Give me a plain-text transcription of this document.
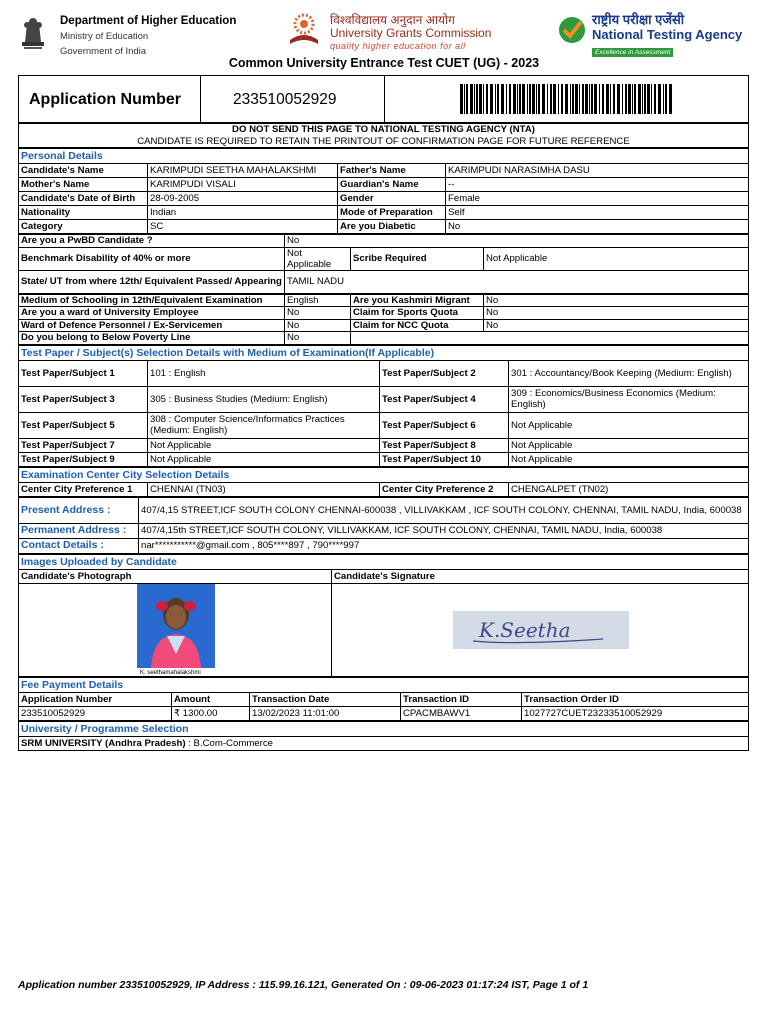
Department of Higher Education
Ministry of Education
Government of India
विश्वविद्यालय अनुदान आयोग
University Grants Commission
quality higher education for all
राष्ट्रीय परीक्षा एजेंसी
National Testing Agency
Excellence in Assessment
Common University Entrance Test CUET (UG) - 2023
Application Number	233510052929	
DO NOT SEND THIS PAGE TO NATIONAL TESTING AGENCY (NTA)
CANDIDATE IS REQUIRED TO RETAIN THE PRINTOUT OF CONFIRMATION PAGE FOR FUTURE REFERENCE
Personal Details
Candidate's Name	KARIMPUDI SEETHA MAHALAKSHMI	Father's Name	KARIMPUDI NARASIMHA DASU
Mother's Name	KARIMPUDI VISALI	Guardian's Name	--
Candidate's Date of Birth	28-09-2005	Gender	Female
Nationality	Indian	Mode of Preparation	Self
Category	SC	Are you Diabetic	No
Are you a PwBD Candidate ?	No		
Benchmark Disability of 40% or more	Not Applicable	Scribe Required	Not Applicable
State/ UT from where 12th/ Equivalent Passed/ Appearing	TAMIL NADU		
Medium of Schooling in 12th/Equivalent Examination	English	Are you Kashmiri Migrant	No
Are you a ward of University Employee	No	Claim for Sports Quota	No
Ward of Defence Personnel / Ex-Servicemen	No	Claim for NCC Quota	No
Do you belong to Below Poverty Line	No		
Test Paper / Subject(s) Selection Details with Medium of Examination(If Applicable)
Test Paper/Subject 1	101 : English	Test Paper/Subject 2	301 : Accountancy/Book Keeping (Medium: English)
Test Paper/Subject 3	305 : Business Studies (Medium: English)	Test Paper/Subject 4	309 : Economics/Business Economics (Medium: English)
Test Paper/Subject 5	308 : Computer Science/Informatics Practices (Medium: English)	Test Paper/Subject 6	Not Applicable
Test Paper/Subject 7	Not Applicable	Test Paper/Subject 8	Not Applicable
Test Paper/Subject 9	Not Applicable	Test Paper/Subject 10	Not Applicable
Examination Center City Selection Details
Center City Preference 1	CHENNAI (TN03)	Center City Preference 2	CHENGALPET (TN02)
Present Address :	407/4,15 STREET,ICF SOUTH COLONY CHENNAI-600038 , VILLIVAKKAM , ICF SOUTH COLONY, CHENNAI, TAMIL NADU, India, 600038
Permanent Address :	407/4,15th STREET,ICF SOUTH COLONY, VILLIVAKKAM, ICF SOUTH COLONY, CHENNAI, TAMIL NADU, India, 600038
Contact Details :	nar***********@gmail.com , 805****897 , 790****997
Images Uploaded by Candidate
Candidate's Photograph	Candidate's Signature

K. seethamahalakshmi	K.Seetha
Fee Payment Details
Application Number	Amount	Transaction Date	Transaction ID	Transaction Order ID
233510052929	₹ 1300.00	13/02/2023 11:01:00	CPACMBAWV1	1027727CUET23233510052929
University / Programme Selection
SRM UNIVERSITY (Andhra Pradesh) : B.Com-Commerce
Application number 233510052929, IP Address : 115.99.16.121, Generated On : 09-06-2023 01:17:24 IST, Page 1 of 1
